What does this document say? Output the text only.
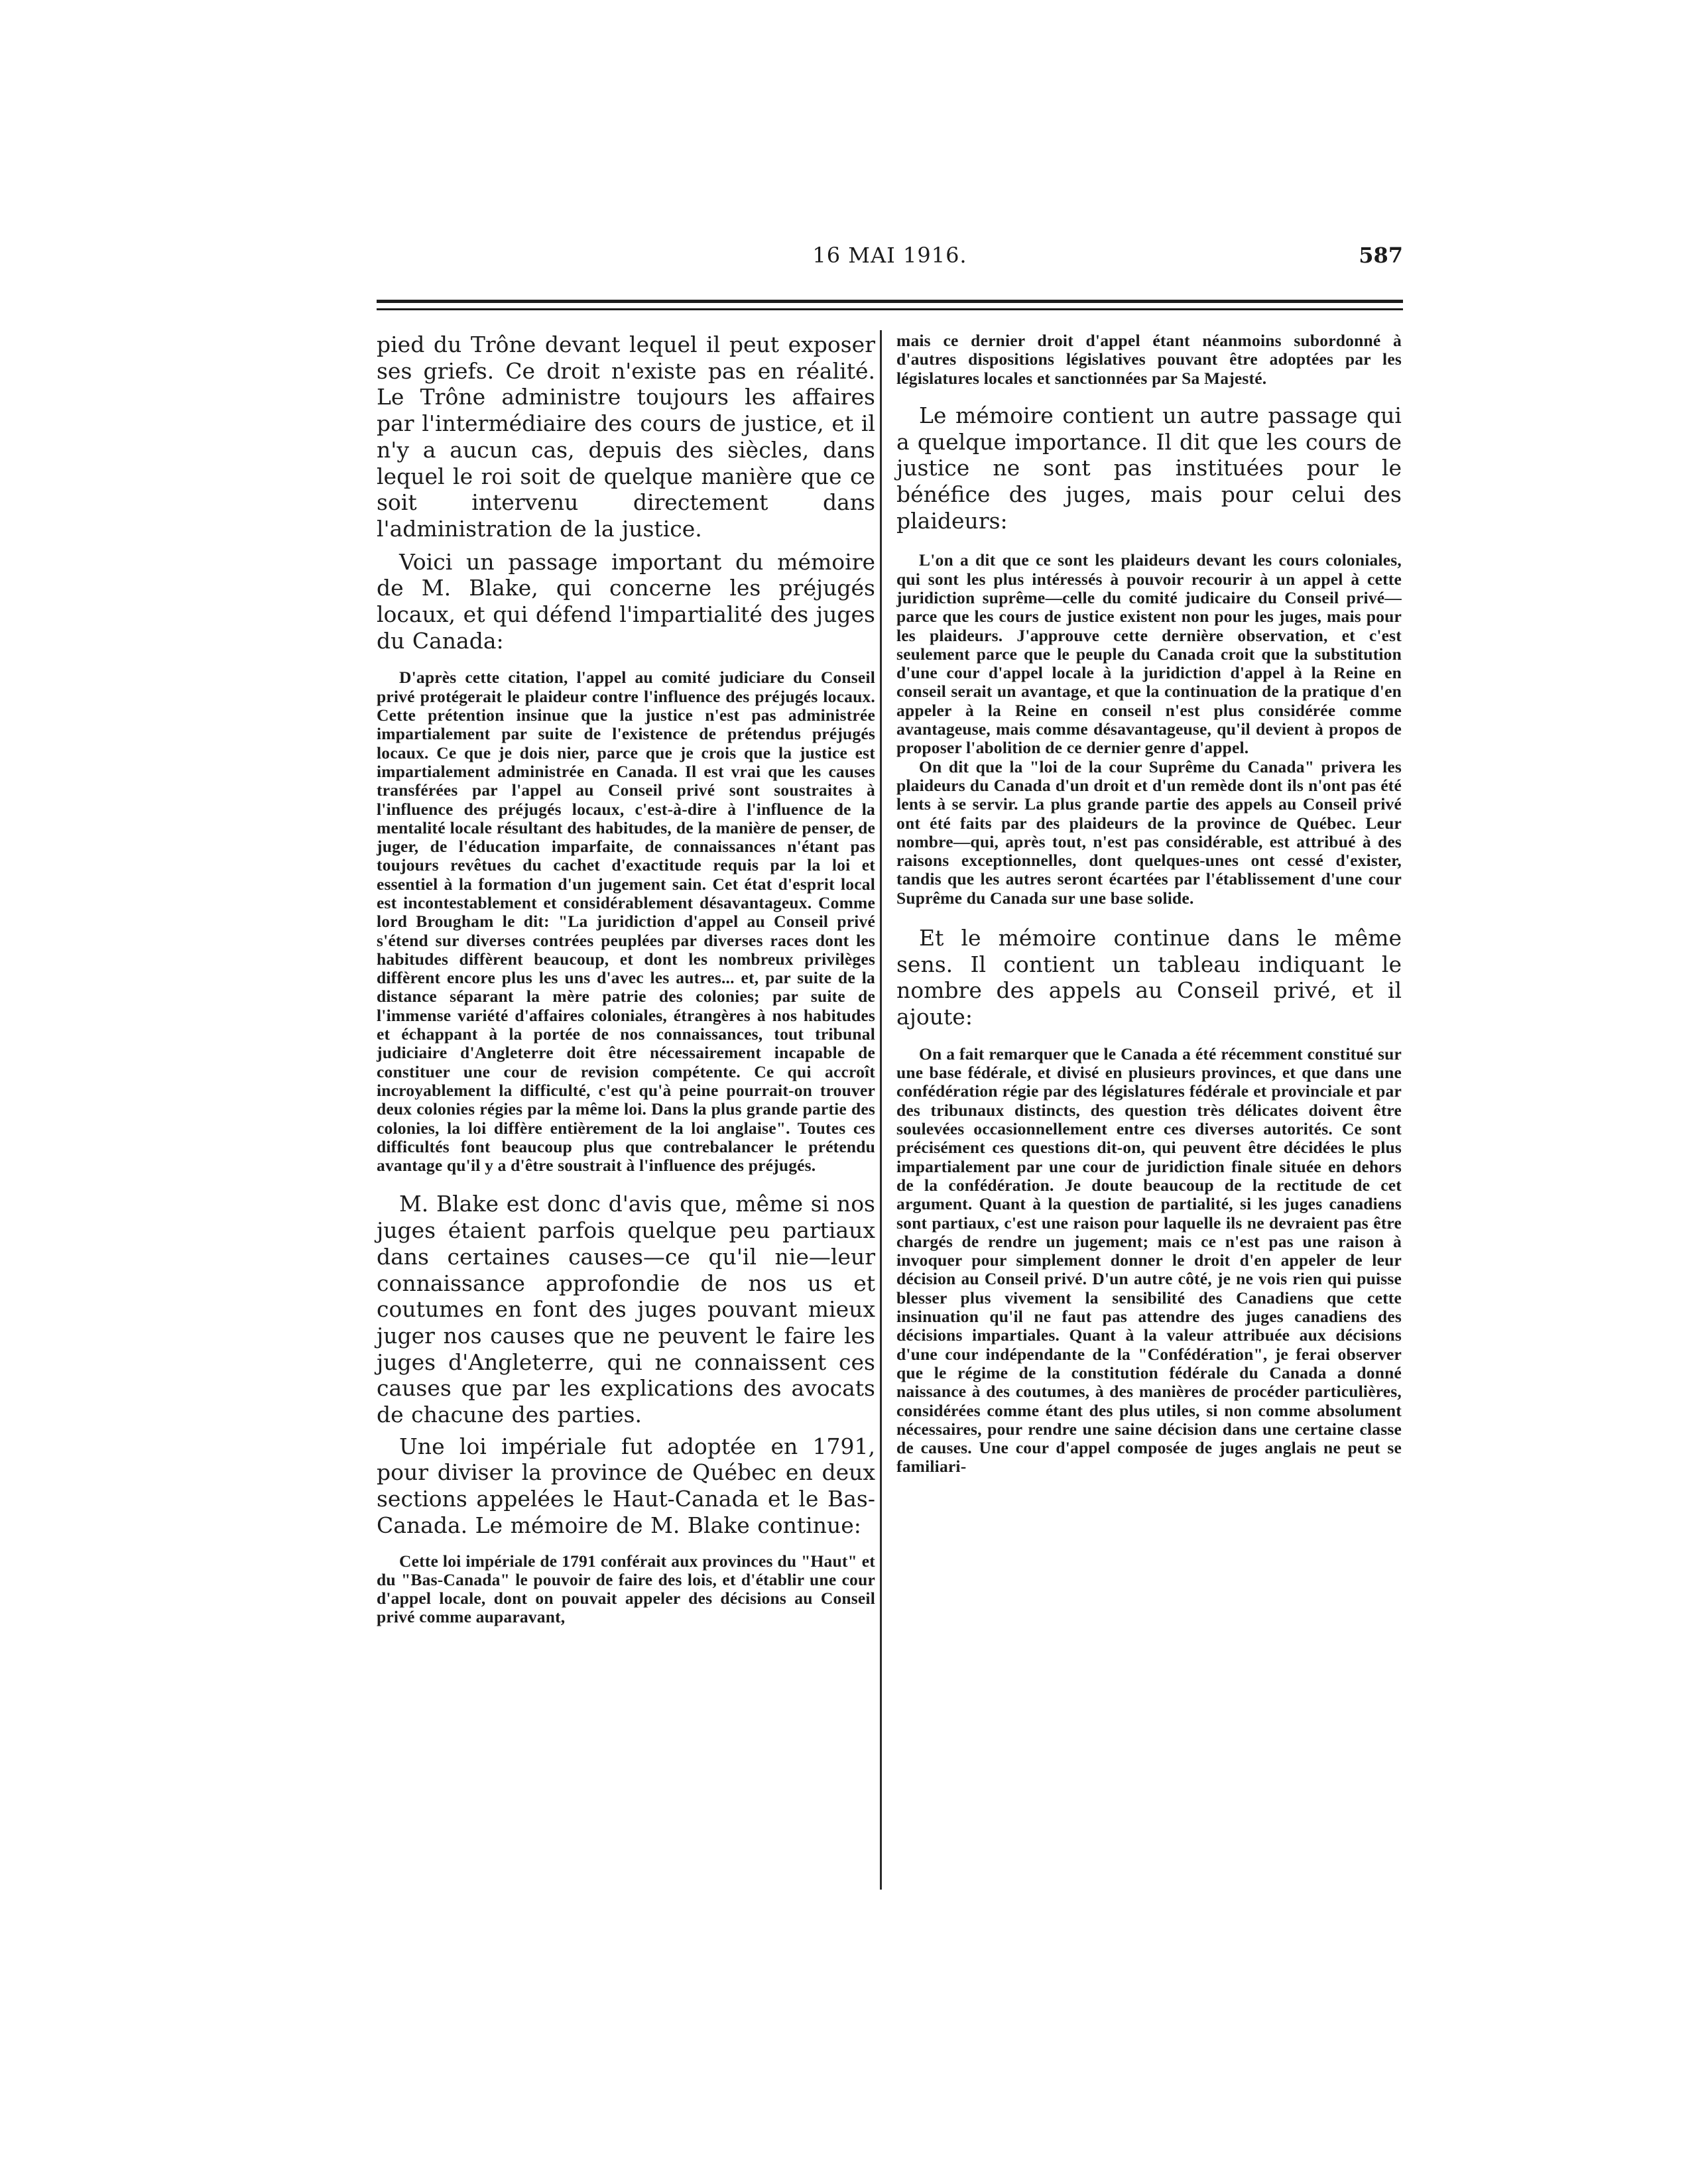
16 MAI 1916.	587

pied du Trône devant lequel il peut exposer ses griefs. Ce droit n'existe pas en réalité. Le Trône administre toujours les affaires par l'intermédiaire des cours de justice, et il n'y a aucun cas, depuis des siècles, dans lequel le roi soit de quelque manière que ce soit intervenu directement dans l'administration de la justice.

Voici un passage important du mémoire de M. Blake, qui concerne les préjugés locaux, et qui défend l'impartialité des juges du Canada:

D'après cette citation, l'appel au comité judiciare du Conseil privé protégerait le plaideur contre l'influence des préjugés locaux. Cette prétention insinue que la justice n'est pas administrée impartialement par suite de l'existence de prétendus préjugés locaux. Ce que je dois nier, parce que je crois que la justice est impartialement administrée en Canada. Il est vrai que les causes transférées par l'appel au Conseil privé sont soustraites à l'influence des préjugés locaux, c'est-à-dire à l'influence de la mentalité locale résultant des habitudes, de la manière de penser, de juger, de l'éducation imparfaite, de connaissances n'étant pas toujours revêtues du cachet d'exactitude requis par la loi et essentiel à la formation d'un jugement sain. Cet état d'esprit local est incontestablement et considérablement désavantageux. Comme lord Brougham le dit: "La juridiction d'appel au Conseil privé s'étend sur diverses contrées peuplées par diverses races dont les habitudes diffèrent beaucoup, et dont les nombreux privilèges diffèrent encore plus les uns d'avec les autres... et, par suite de la distance séparant la mère patrie des colonies; par suite de l'immense variété d'affaires coloniales, étrangères à nos habitudes et échappant à la portée de nos connaissances, tout tribunal judiciaire d'Angleterre doit être nécessairement incapable de constituer une cour de revision compétente. Ce qui accroît incroyablement la difficulté, c'est qu'à peine pourrait-on trouver deux colonies régies par la même loi. Dans la plus grande partie des colonies, la loi diffère entièrement de la loi anglaise". Toutes ces difficultés font beaucoup plus que contrebalancer le prétendu avantage qu'il y a d'être soustrait à l'influence des préjugés.

M. Blake est donc d'avis que, même si nos juges étaient parfois quelque peu partiaux dans certaines causes—ce qu'il nie—leur connaissance approfondie de nos us et coutumes en font des juges pouvant mieux juger nos causes que ne peuvent le faire les juges d'Angleterre, qui ne connaissent ces causes que par les explications des avocats de chacune des parties.

Une loi impériale fut adoptée en 1791, pour diviser la province de Québec en deux sections appelées le Haut-Canada et le Bas-Canada. Le mémoire de M. Blake continue:

Cette loi impériale de 1791 conférait aux provinces du "Haut" et du "Bas-Canada" le pouvoir de faire des lois, et d'établir une cour d'appel locale, dont on pouvait appeler des décisions au Conseil privé comme auparavant,

mais ce dernier droit d'appel étant néanmoins subordonné à d'autres dispositions législatives pouvant être adoptées par les législatures locales et sanctionnées par Sa Majesté.

Le mémoire contient un autre passage qui a quelque importance. Il dit que les cours de justice ne sont pas instituées pour le bénéfice des juges, mais pour celui des plaideurs:

L'on a dit que ce sont les plaideurs devant les cours coloniales, qui sont les plus intéressés à pouvoir recourir à un appel à cette juridiction suprême—celle du comité judicaire du Conseil privé—parce que les cours de justice existent non pour les juges, mais pour les plaideurs. J'approuve cette dernière observation, et c'est seulement parce que le peuple du Canada croit que la substitution d'une cour d'appel locale à la juridiction d'appel à la Reine en conseil serait un avantage, et que la continuation de la pratique d'en appeler à la Reine en conseil n'est plus considérée comme avantageuse, mais comme désavantageuse, qu'il devient à propos de proposer l'abolition de ce dernier genre d'appel.

On dit que la "loi de la cour Suprême du Canada" privera les plaideurs du Canada d'un droit et d'un remède dont ils n'ont pas été lents à se servir. La plus grande partie des appels au Conseil privé ont été faits par des plaideurs de la province de Québec. Leur nombre—qui, après tout, n'est pas considérable, est attribué à des raisons exceptionnelles, dont quelques-unes ont cessé d'exister, tandis que les autres seront écartées par l'établissement d'une cour Suprême du Canada sur une base solide.

Et le mémoire continue dans le même sens. Il contient un tableau indiquant le nombre des appels au Conseil privé, et il ajoute:

On a fait remarquer que le Canada a été récemment constitué sur une base fédérale, et divisé en plusieurs provinces, et que dans une confédération régie par des législatures fédérale et provinciale et par des tribunaux distincts, des question très délicates doivent être soulevées occasionnellement entre ces diverses autorités. Ce sont précisément ces questions dit-on, qui peuvent être décidées le plus impartialement par une cour de juridiction finale située en dehors de la confédération. Je doute beaucoup de la rectitude de cet argument. Quant à la question de partialité, si les juges canadiens sont partiaux, c'est une raison pour laquelle ils ne devraient pas être chargés de rendre un jugement; mais ce n'est pas une raison à invoquer pour simplement donner le droit d'en appeler de leur décision au Conseil privé. D'un autre côté, je ne vois rien qui puisse blesser plus vivement la sensibilité des Canadiens que cette insinuation qu'il ne faut pas attendre des juges canadiens des décisions impartiales. Quant à la valeur attribuée aux décisions d'une cour indépendante de la "Confédération", je ferai observer que le régime de la constitution fédérale du Canada a donné naissance à des coutumes, à des manières de procéder particulières, considérées comme étant des plus utiles, si non comme absolument nécessaires, pour rendre une saine décision dans une certaine classe de causes. Une cour d'appel composée de juges anglais ne peut se familiari-
